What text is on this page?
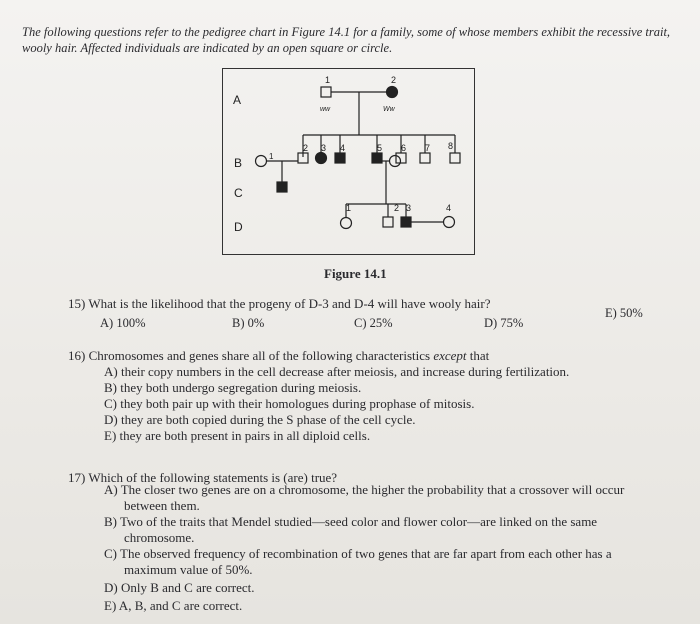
The following questions refer to the pedigree chart in Figure 14.1 for a family, some of whose members exhibit the recessive trait, wooly hair. Affected individuals are indicated by an open square or circle.
A
B
C
D
1	2
ww	Ww
1
2 3 4	5 6 7 8
1	2 3	4
Figure 14.1
15) What is the likelihood that the progeny of D-3 and D-4 will have wooly hair?
A) 100%	B) 0%	C) 25%	D) 75%
E) 50%
16) Chromosomes and genes share all of the following characteristics except that
A) their copy numbers in the cell decrease after meiosis, and increase during fertilization.
B) they both undergo segregation during meiosis.
C) they both pair up with their homologues during prophase of mitosis.
D) they are both copied during the S phase of the cell cycle.
E) they are both present in pairs in all diploid cells.
17) Which of the following statements is (are) true?
A) The closer two genes are on a chromosome, the higher the probability that a crossover will occur
between them.
B) Two of the traits that Mendel studied—seed color and flower color—are linked on the same
chromosome.
C) The observed frequency of recombination of two genes that are far apart from each other has a
maximum value of 50%.
D) Only B and C are correct.
E) A, B, and C are correct.
